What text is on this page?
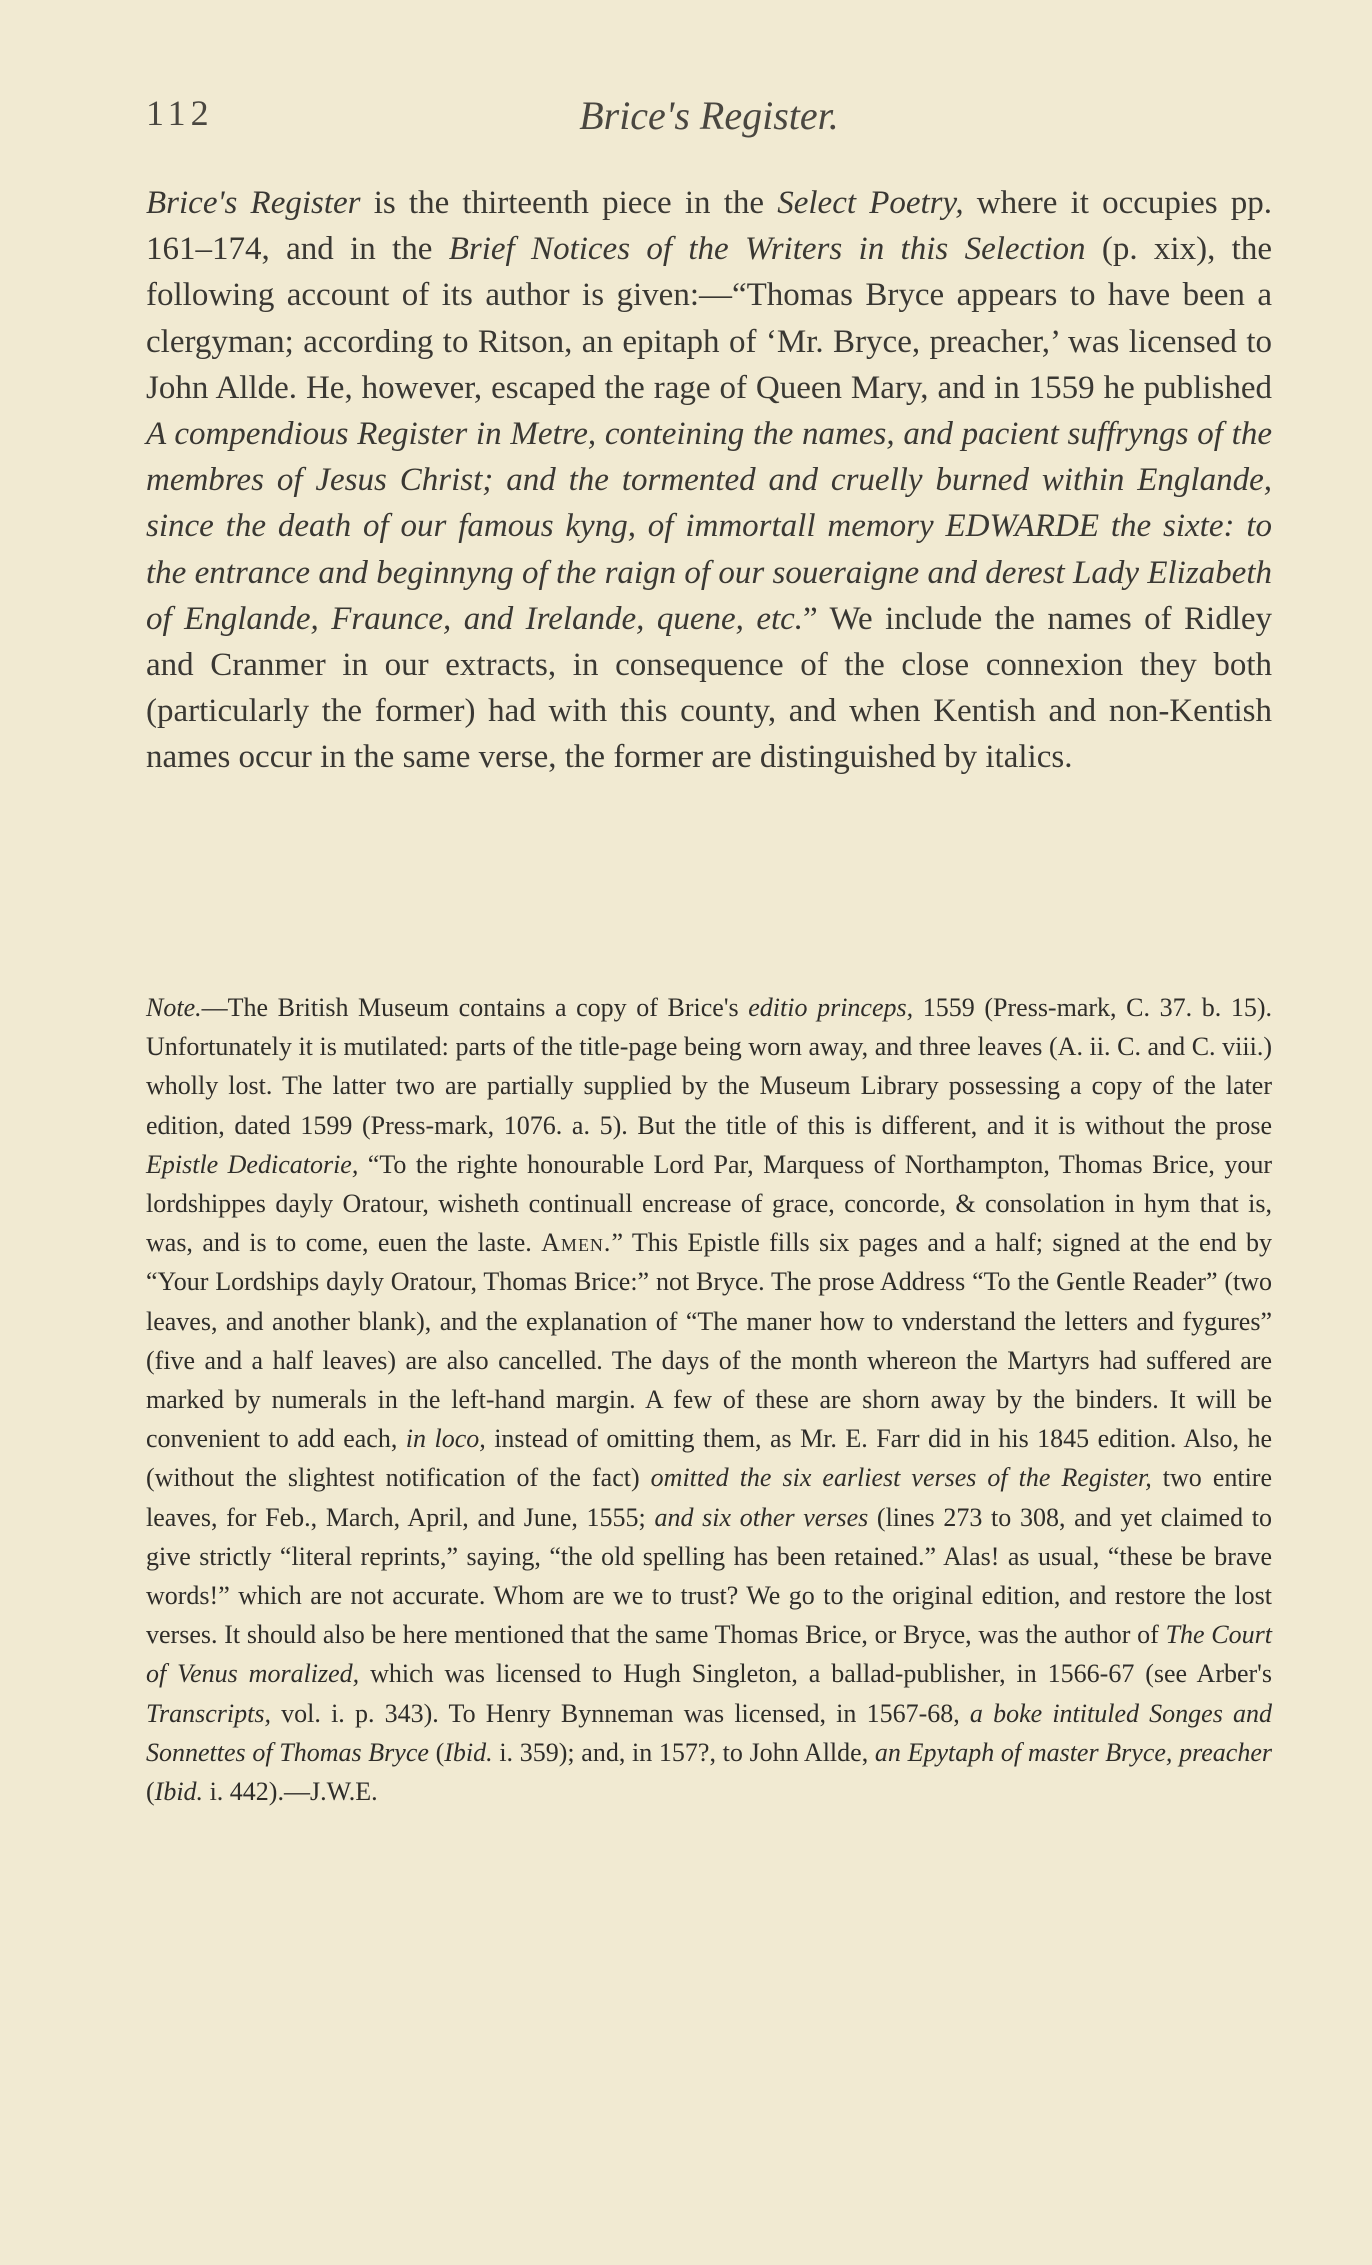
112	Brice's Register.

Brice's Register is the thirteenth piece in the Select Poetry, where it occupies pp. 161–174, and in the Brief Notices of the Writers in this Selection (p. xix), the following account of its author is given:—“Thomas Bryce appears to have been a clergyman; according to Ritson, an epitaph of ‘Mr. Bryce, preacher,’ was licensed to John Allde. He, however, escaped the rage of Queen Mary, and in 1559 he published A compendious Register in Metre, conteining the names, and pacient suffryngs of the membres of Jesus Christ; and the tormented and cruelly burned within Englande, since the death of our famous kyng, of immortall memory EDWARDE the sixte: to the entrance and beginnyng of the raign of our soueraigne and derest Lady Elizabeth of Englande, Fraunce, and Irelande, quene, etc.” We include the names of Ridley and Cranmer in our extracts, in consequence of the close connexion they both (particularly the former) had with this county, and when Kentish and non-Kentish names occur in the same verse, the former are distinguished by italics.

Note.—The British Museum contains a copy of Brice's editio princeps, 1559 (Press-mark, C. 37. b. 15). Unfortunately it is mutilated: parts of the title-page being worn away, and three leaves (A. ii. C. and C. viii.) wholly lost. The latter two are partially supplied by the Museum Library possessing a copy of the later edition, dated 1599 (Press-mark, 1076. a. 5). But the title of this is different, and it is without the prose Epistle Dedicatorie, “To the righte honourable Lord Par, Marquess of Northampton, Thomas Brice, your lordshippes dayly Oratour, wisheth continuall encrease of grace, concorde, & consolation in hym that is, was, and is to come, euen the laste. Amen.” This Epistle fills six pages and a half; signed at the end by “Your Lordships dayly Oratour, Thomas Brice:” not Bryce. The prose Address “To the Gentle Reader” (two leaves, and another blank), and the explanation of “The maner how to vnderstand the letters and fygures” (five and a half leaves) are also cancelled. The days of the month whereon the Martyrs had suffered are marked by numerals in the left-hand margin. A few of these are shorn away by the binders. It will be convenient to add each, in loco, instead of omitting them, as Mr. E. Farr did in his 1845 edition. Also, he (without the slightest notification of the fact) omitted the six earliest verses of the Register, two entire leaves, for Feb., March, April, and June, 1555; and six other verses (lines 273 to 308, and yet claimed to give strictly “literal reprints,” saying, “the old spelling has been retained.” Alas! as usual, “these be brave words!” which are not accurate. Whom are we to trust? We go to the original edition, and restore the lost verses. It should also be here mentioned that the same Thomas Brice, or Bryce, was the author of The Court of Venus moralized, which was licensed to Hugh Singleton, a ballad-publisher, in 1566-67 (see Arber's Transcripts, vol. i. p. 343). To Henry Bynneman was licensed, in 1567-68, a boke intituled Songes and Sonnettes of Thomas Bryce (Ibid. i. 359); and, in 157?, to John Allde, an Epytaph of master Bryce, preacher (Ibid. i. 442).—J.W.E.
